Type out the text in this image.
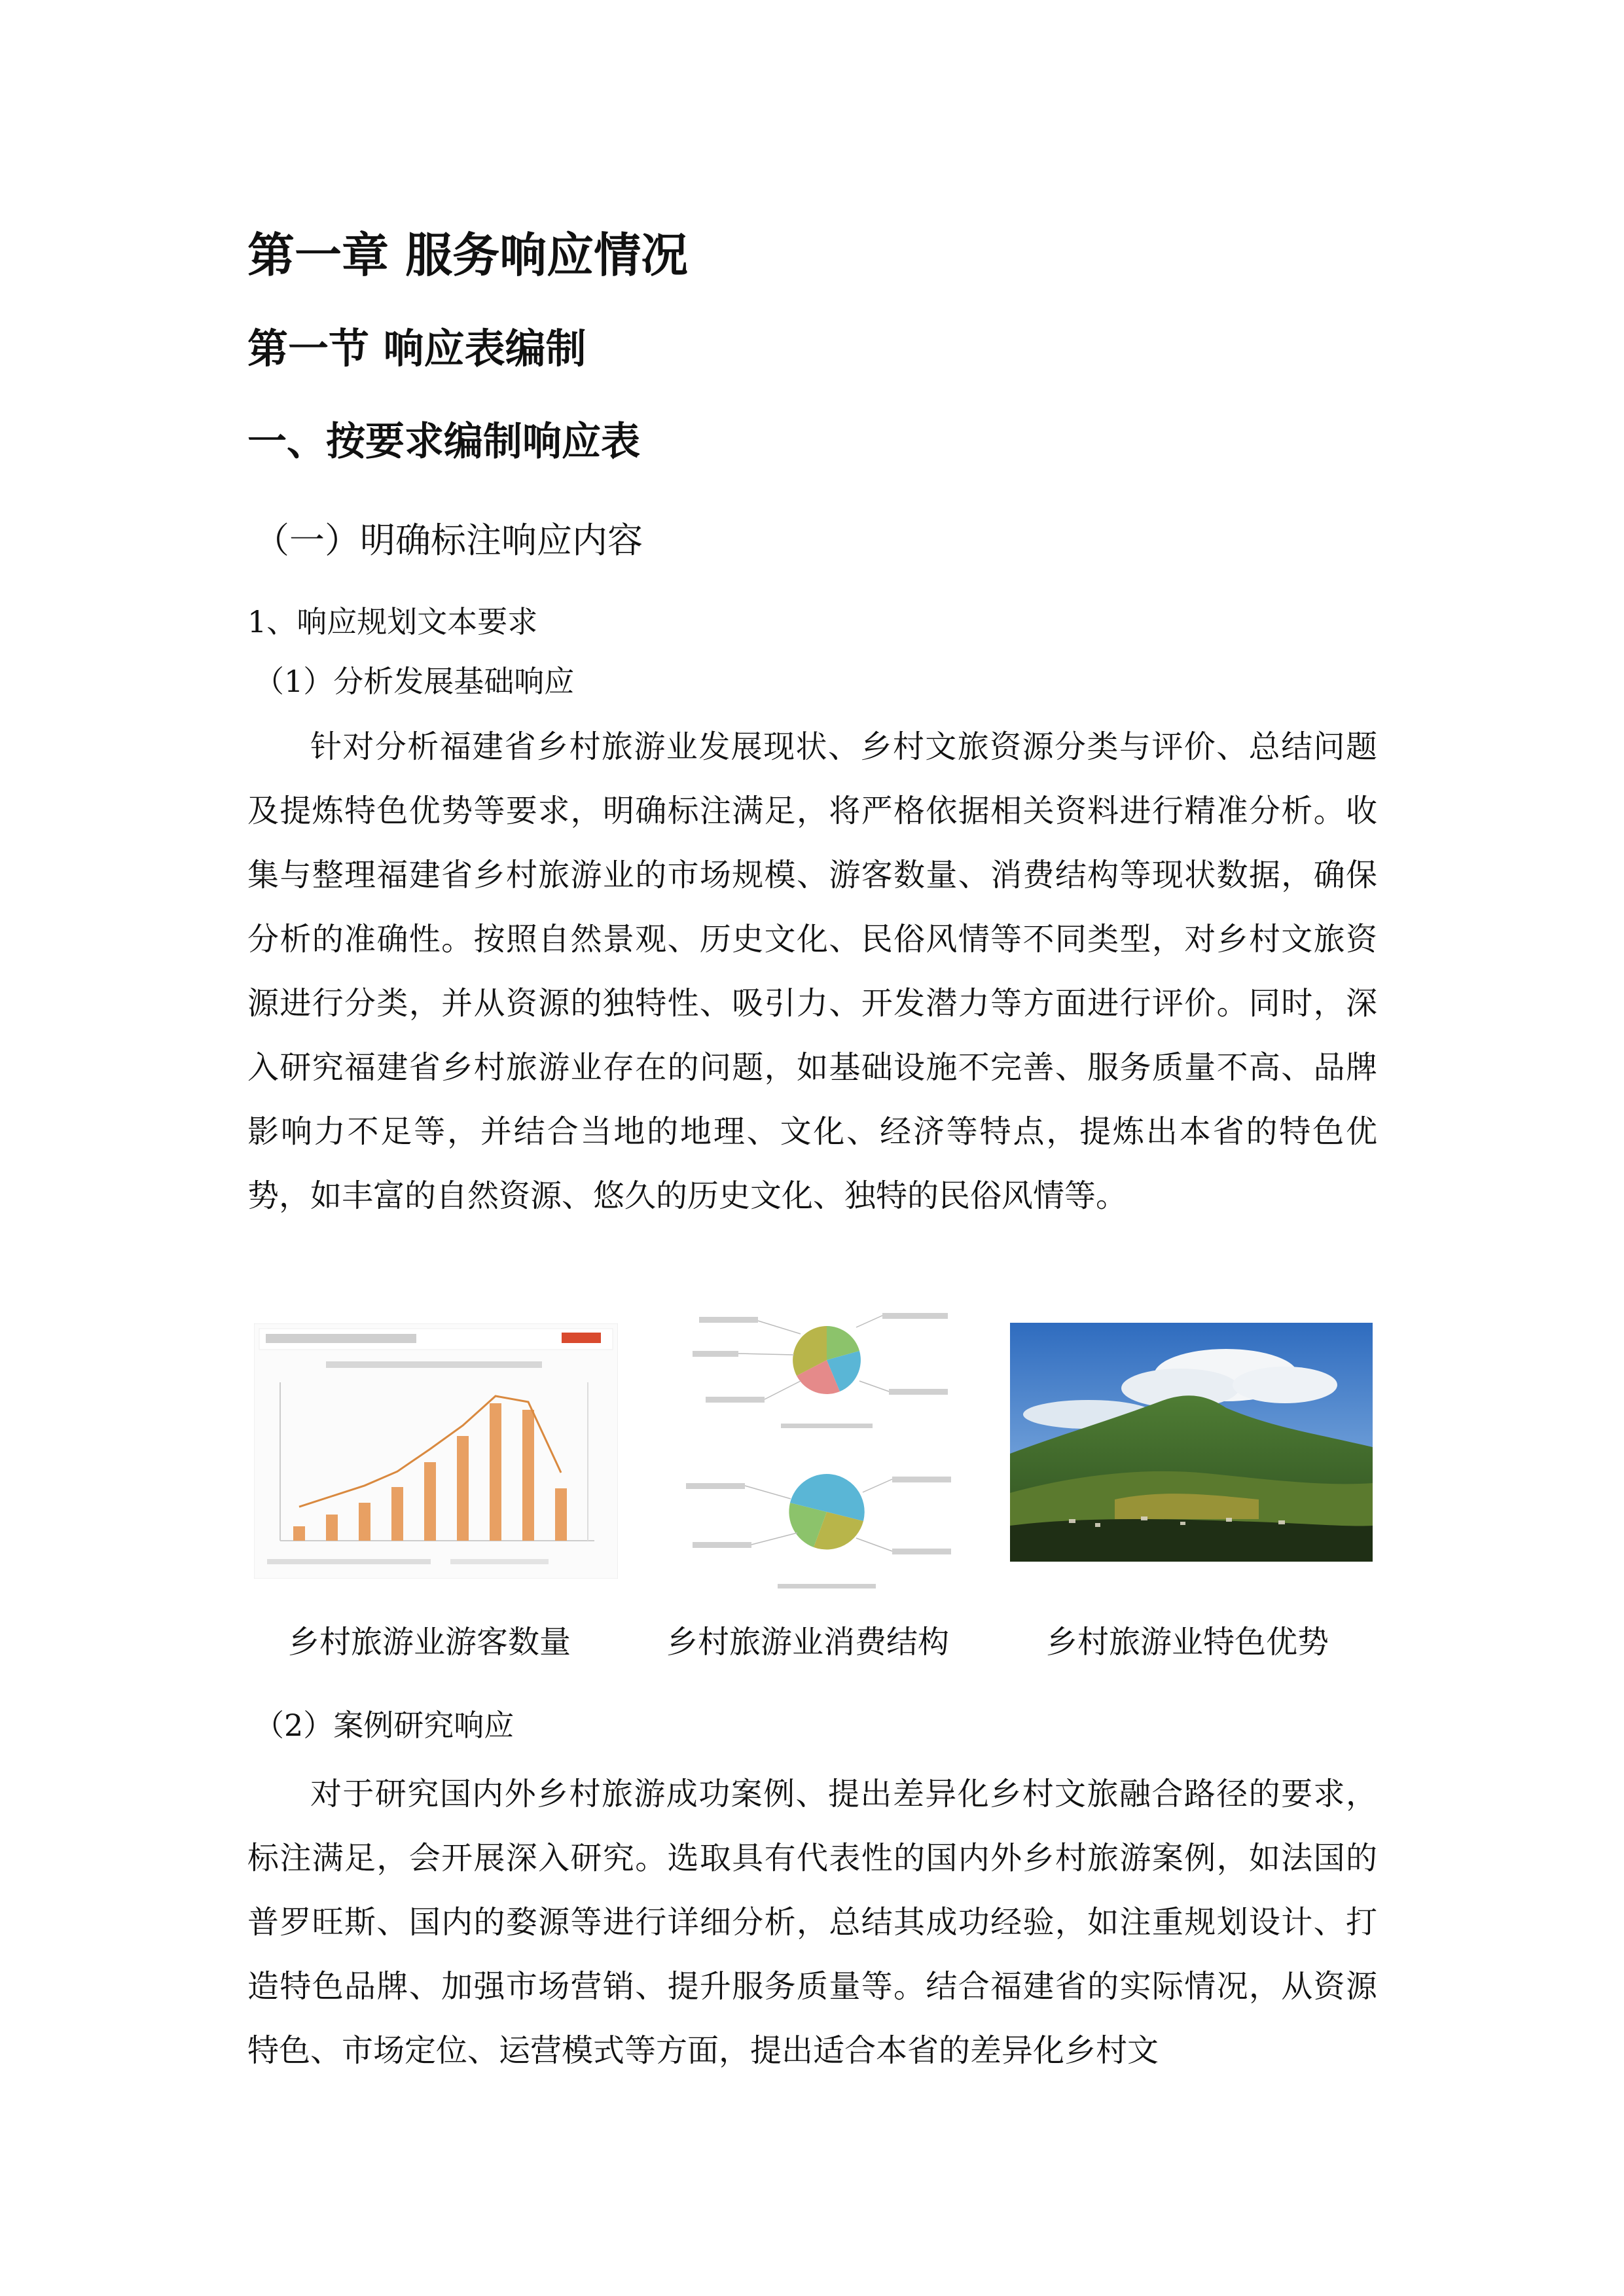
第一章 服务响应情况
第一节 响应表编制
一、按要求编制响应表
（一）明确标注响应内容
1、响应规划文本要求
（1）分析发展基础响应

针对分析福建省乡村旅游业发展现状、乡村文旅资源分类与评价、总结问题及提炼特色优势等要求，明确标注满足，将严格依据相关资料进行精准分析。收集与整理福建省乡村旅游业的市场规模、游客数量、消费结构等现状数据，确保分析的准确性。按照自然景观、历史文化、民俗风情等不同类型，对乡村文旅资源进行分类，并从资源的独特性、吸引力、开发潜力等方面进行评价。同时，深入研究福建省乡村旅游业存在的问题，如基础设施不完善、服务质量不高、品牌影响力不足等，并结合当地的地理、文化、经济等特点，提炼出本省的特色优势，如丰富的自然资源、悠久的历史文化、独特的民俗风情等。

乡村旅游业游客数量	乡村旅游业消费结构	乡村旅游业特色优势
（2）案例研究响应

对于研究国内外乡村旅游成功案例、提出差异化乡村文旅融合路径的要求，标注满足，会开展深入研究。选取具有代表性的国内外乡村旅游案例，如法国的普罗旺斯、国内的婺源等进行详细分析，总结其成功经验，如注重规划设计、打造特色品牌、加强市场营销、提升服务质量等。结合福建省的实际情况，从资源特色、市场定位、运营模式等方面，提出适合本省的差异化乡村文
